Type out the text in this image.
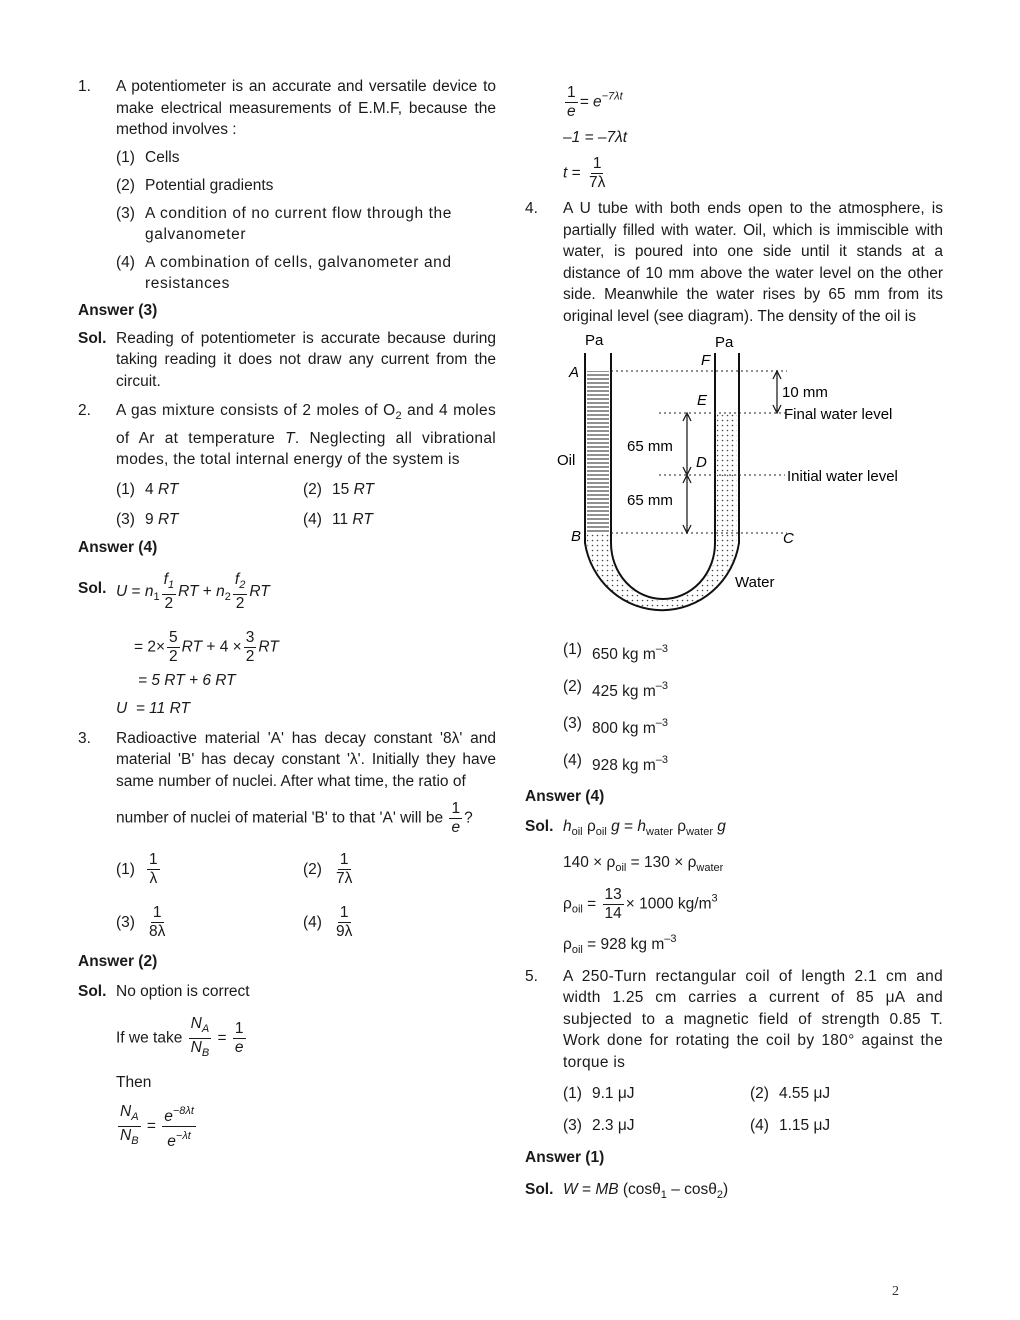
1. A potentiometer is an accurate and versatile device to make electrical measurements of E.M.F, because the method involves :
(1) Cells
(2) Potential gradients
(3) A condition of no current flow through the galvanometer
(4) A combination of cells, galvanometer and resistances
Answer (3)
Sol. Reading of potentiometer is accurate because during taking reading it does not draw any current from the circuit.
2. A gas mixture consists of 2 moles of $O_2$ and 4 moles of Ar at temperature T. Neglecting all vibrational modes, the total internal energy of the system is
(1) 4 RT	(2) 15 RT
(3) 9 RT	(4) 11 RT
Answer (4)
Sol. $U = n_1 \frac{f_1}{2}$ RT + $n_2 \frac{f_2}{2}$ RT
= $2\times \frac{5}{2}$ RT + $4 \times \frac{3}{2}$ RT
= 5 RT + 6 RT
U = 11 RT
3. Radioactive material 'A' has decay constant '8λ' and material 'B' has decay constant 'λ'. Initially they have same number of nuclei. After what time, the ratio of
number of nuclei of material 'B' to that 'A' will be $\frac{1}{e}$ ?
$(1) \frac{1}{\lambda}$	$(2) \frac{1}{7\lambda}$
$(3) \frac{1}{8\lambda}$	$(4) \frac{1}{9\lambda}$
Answer (2)
Sol. No option is correct
If we take $\frac{N_A}{N_B} = \frac{1}{e}$
Then
$\frac{N_A}{N_B} = \frac{e^{-8\lambda t}}{e^{-\lambda t}}$
$\frac{1}{e} = e^{-7\lambda t}$
–1 = –7λt
$t = \frac{1}{7\lambda}$
4. A U tube with both ends open to the atmosphere, is partially filled with water. Oil, which is immiscible with water, is poured into one side until it stands at a distance of 10 mm above the water level on the other side. Meanwhile the water rises by 65 mm from its original level (see diagram). The density of the oil is
Pa	Pa
A
F
E
D
B	C
Oil
Water
10 mm
Final water level
Initial water level
65 mm
65 mm
(1) 650 kg $m^{-3}$
(2) 425 kg $m^{-3}$
(3) 800 kg $m^{-3}$
(4) 928 kg $m^{-3}$
Answer (4)
Sol. $h_{oil}$ $\rho_{oil}$ $g = h_{water}$ $\rho_{water}$ g
$140 \times \rho_{oil} = 130 \times \rho_{water}$
$\rho_{oil} = \frac{13}{14} \times 1000$ $kg/m^3$
$\rho_{oil} = 928$ kg $m^{-3}$
5. A 250-Turn rectangular coil of length 2.1 cm and width 1.25 cm carries a current of 85 μA and subjected to a magnetic field of strength 0.85 T. Work done for rotating the coil by 180° against the torque is
(1) 9.1 μJ	(2) 4.55 μJ
(3) 2.3 μJ	(4) 1.15 μJ
Answer (1)
Sol. W = MB (cosθ$_1$ – cosθ$_2$)
2
